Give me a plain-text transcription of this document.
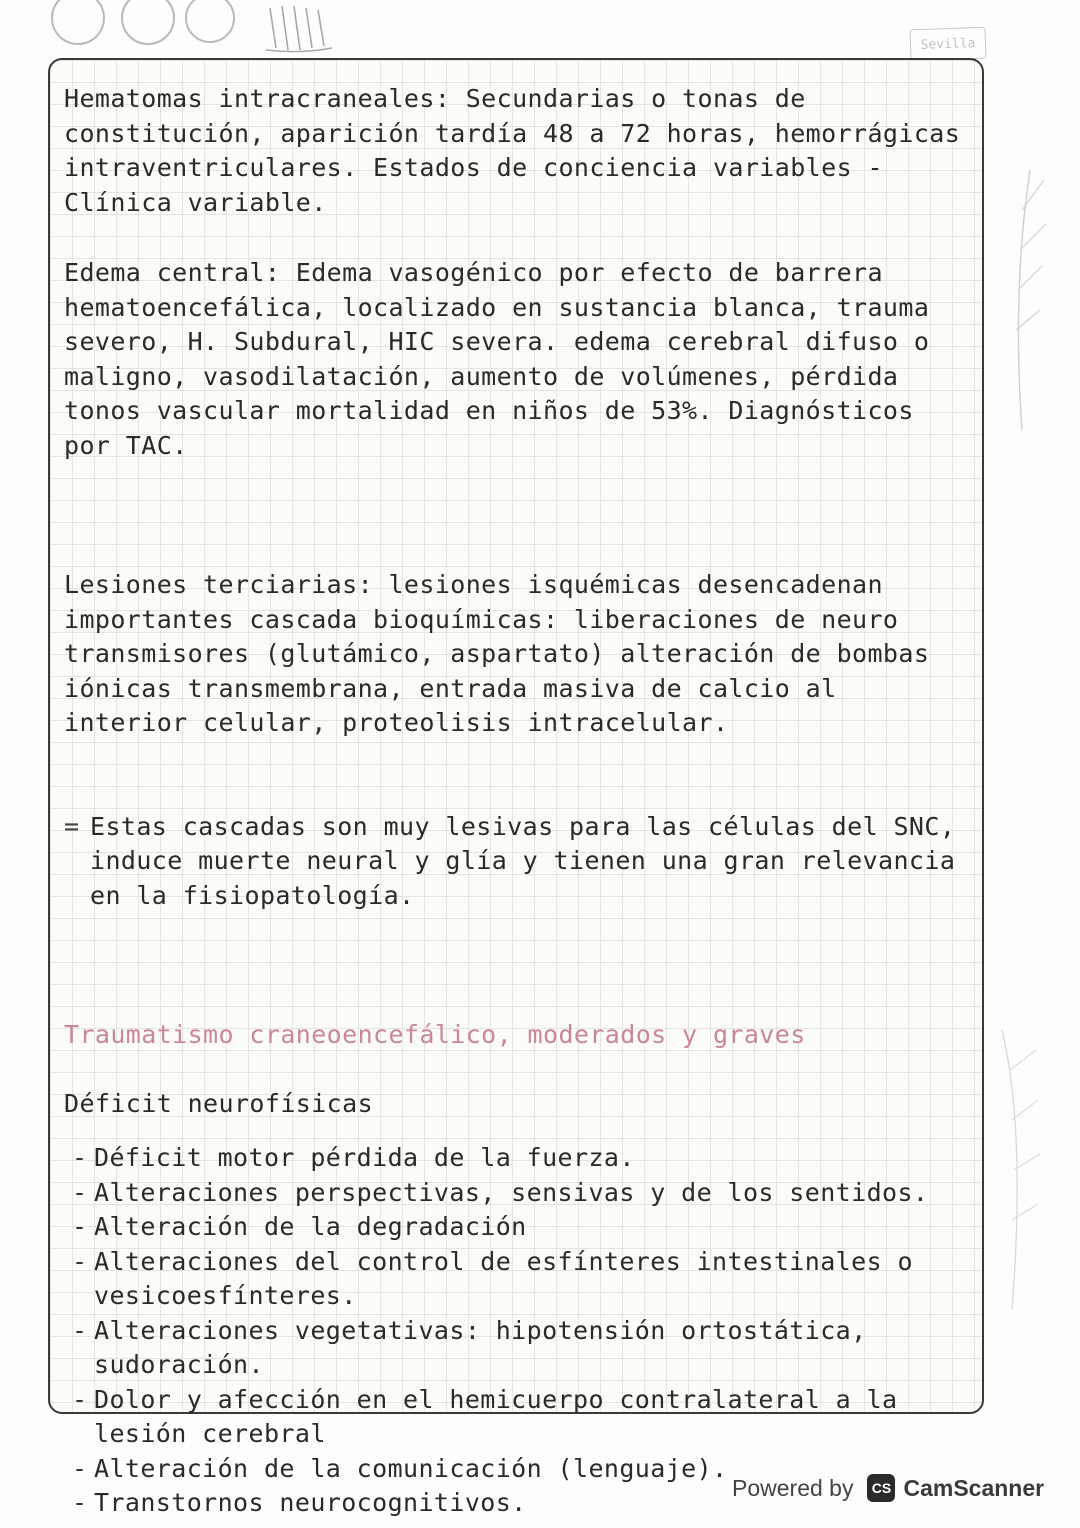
Sevilla

Hematomas intracraneales: Secundarias o tonas de constitución, aparición tardía 48 a 72 horas, hemorrágicas intraventriculares. Estados de conciencia variables - Clínica variable.

Edema central: Edema vasogénico por efecto de barrera hematoencefálica, localizado en sustancia blanca, trauma severo, H. Subdural, HIC severa. edema cerebral difuso o maligno, vasodilatación, aumento de volúmenes, pérdida tonos vascular mortalidad en niños de 53%. Diagnósticos por TAC.

Lesiones terciarias: lesiones isquémicas desencadenan importantes cascada bioquímicas: liberaciones de neuro transmisores (glutámico, aspartato) alteración de bombas iónicas transmembrana, entrada masiva de calcio al interior celular, proteolisis intracelular.

= Estas cascadas son muy lesivas para las células del SNC, induce muerte neural y glía y tienen una gran relevancia en la fisiopatología.

Traumatismo craneoencefálico, moderados y graves

Déficit neurofísicas

- Déficit motor pérdida de la fuerza.

- Alteraciones perspectivas, sensivas y de los sentidos.

- Alteración de la degradación

- Alteraciones del control de esfínteres intestinales o vesicoesfínteres.

- Alteraciones vegetativas: hipotensión ortostática, sudoración.

- Dolor y afección en el hemicuerpo contralateral a la lesión cerebral

- Alteración de la comunicación (lenguaje).

- Transtornos neurocognitivos.

Powered by	CS CamScanner
